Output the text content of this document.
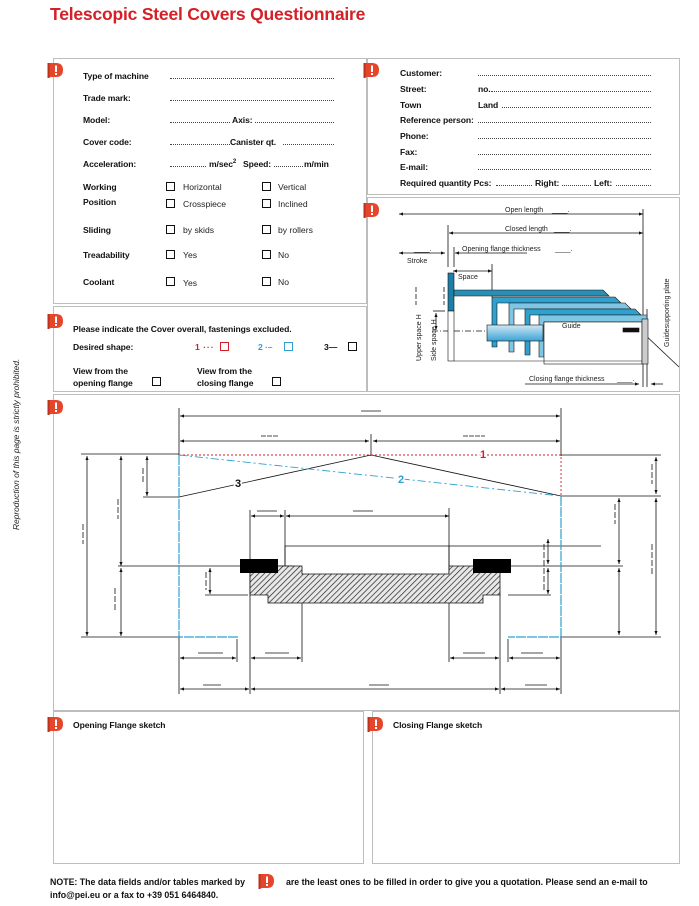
Telescopic Steel Covers Questionnaire
Reproduction of this page is strictly prohibited.
Type of machine
Trade mark:
Model:	Axis:
Cover code:	Canister qt.
Acceleration:	$m/\sec^2$ Speed:	m/min
Working
Position
Horizontal	Vertical
Crosspiece	Inclined
Sliding	by skids	by rollers
Treadability	Yes	No
Coolant	Yes	No
Customer:
Street:	no.
Town	Land
Reference person:
Phone:
Fax:
E-mail:
Required quantity Pcs:	Right:	Left:
Open length ____.
Closed length ____.
Opening flange thickness ____.
____.
Stroke
Space
Guide
Closing flange thickness ____.
Upper space H Side space H	Guidesupporting plate
Please indicate the Cover overall, fastenings excluded.
Desired shape:	1 ···	2 ·–	3—
View from the
opening flange
View from the
closing flange
1
2
3
Opening Flange sketch	Closing Flange sketch
NOTE: The data fields and/or tables marked by	are the least ones to be filled in order to give you a quotation. Please send an e-mail to info@pei.eu or a fax to +39 051 6464840.
